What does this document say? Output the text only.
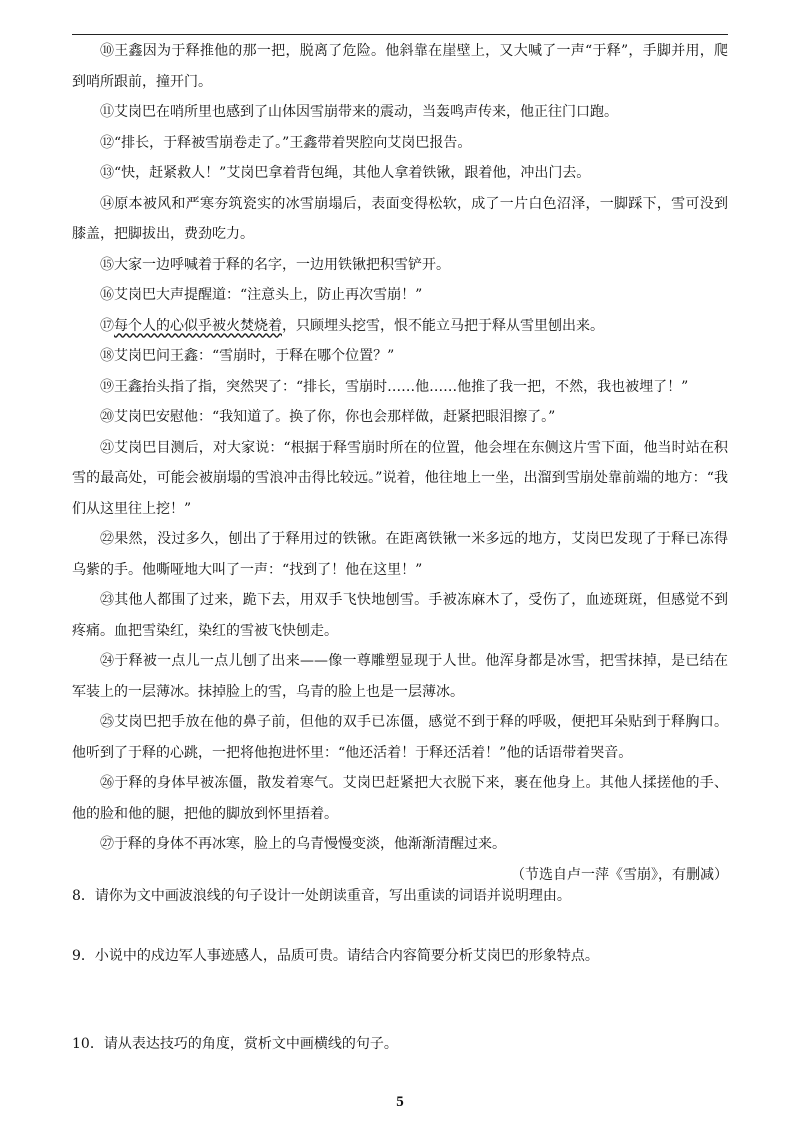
⑩王鑫因为于释推他的那一把，脱离了危险。他斜靠在崖壁上，又大喊了一声“于释”，手脚并用，爬到哨所跟前，撞开门。

⑪艾岗巴在哨所里也感到了山体因雪崩带来的震动，当轰鸣声传来，他正往门口跑。

⑫“排长，于释被雪崩卷走了。”王鑫带着哭腔向艾岗巴报告。

⑬“快，赶紧救人！”艾岗巴拿着背包绳，其他人拿着铁锹，跟着他，冲出门去。

⑭原本被风和严寒夯筑瓷实的冰雪崩塌后，表面变得松软，成了一片白色沼泽，一脚踩下，雪可没到膝盖，把脚拔出，费劲吃力。

⑮大家一边呼喊着于释的名字，一边用铁锹把积雪铲开。

⑯艾岗巴大声提醒道：“注意头上，防止再次雪崩！”

⑰每个人的心似乎被火焚烧着，只顾埋头挖雪，恨不能立马把于释从雪里刨出来。

⑱艾岗巴问王鑫：“雪崩时，于释在哪个位置？”

⑲王鑫抬头指了指，突然哭了：“排长，雪崩时……他……他推了我一把，不然，我也被埋了！”

⑳艾岗巴安慰他：“我知道了。换了你，你也会那样做，赶紧把眼泪擦了。”

㉑艾岗巴目测后，对大家说：“根据于释雪崩时所在的位置，他会埋在东侧这片雪下面，他当时站在积雪的最高处，可能会被崩塌的雪浪冲击得比较远。”说着，他往地上一坐，出溜到雪崩处靠前端的地方：“我们从这里往上挖！”

㉒果然，没过多久，刨出了于释用过的铁锹。在距离铁锹一米多远的地方，艾岗巴发现了于释已冻得乌紫的手。他嘶哑地大叫了一声：“找到了！他在这里！”

㉓其他人都围了过来，跪下去，用双手飞快地刨雪。手被冻麻木了，受伤了，血迹斑斑，但感觉不到疼痛。血把雪染红，染红的雪被飞快刨走。

㉔于释被一点儿一点儿刨了出来——像一尊雕塑显现于人世。他浑身都是冰雪，把雪抹掉，是已结在军装上的一层薄冰。抹掉脸上的雪，乌青的脸上也是一层薄冰。

㉕艾岗巴把手放在他的鼻子前，但他的双手已冻僵，感觉不到于释的呼吸，便把耳朵贴到于释胸口。他听到了于释的心跳，一把将他抱进怀里：“他还活着！于释还活着！”他的话语带着哭音。

㉖于释的身体早被冻僵，散发着寒气。艾岗巴赶紧把大衣脱下来，裹在他身上。其他人揉搓他的手、他的脸和他的腿，把他的脚放到怀里捂着。

㉗于释的身体不再冰寒，脸上的乌青慢慢变淡，他渐渐清醒过来。

（节选自卢一萍《雪崩》，有删减）

8．请你为文中画波浪线的句子设计一处朗读重音，写出重读的词语并说明理由。

9．小说中的戍边军人事迹感人，品质可贵。请结合内容简要分析艾岗巴的形象特点。

10．请从表达技巧的角度，赏析文中画横线的句子。

5
